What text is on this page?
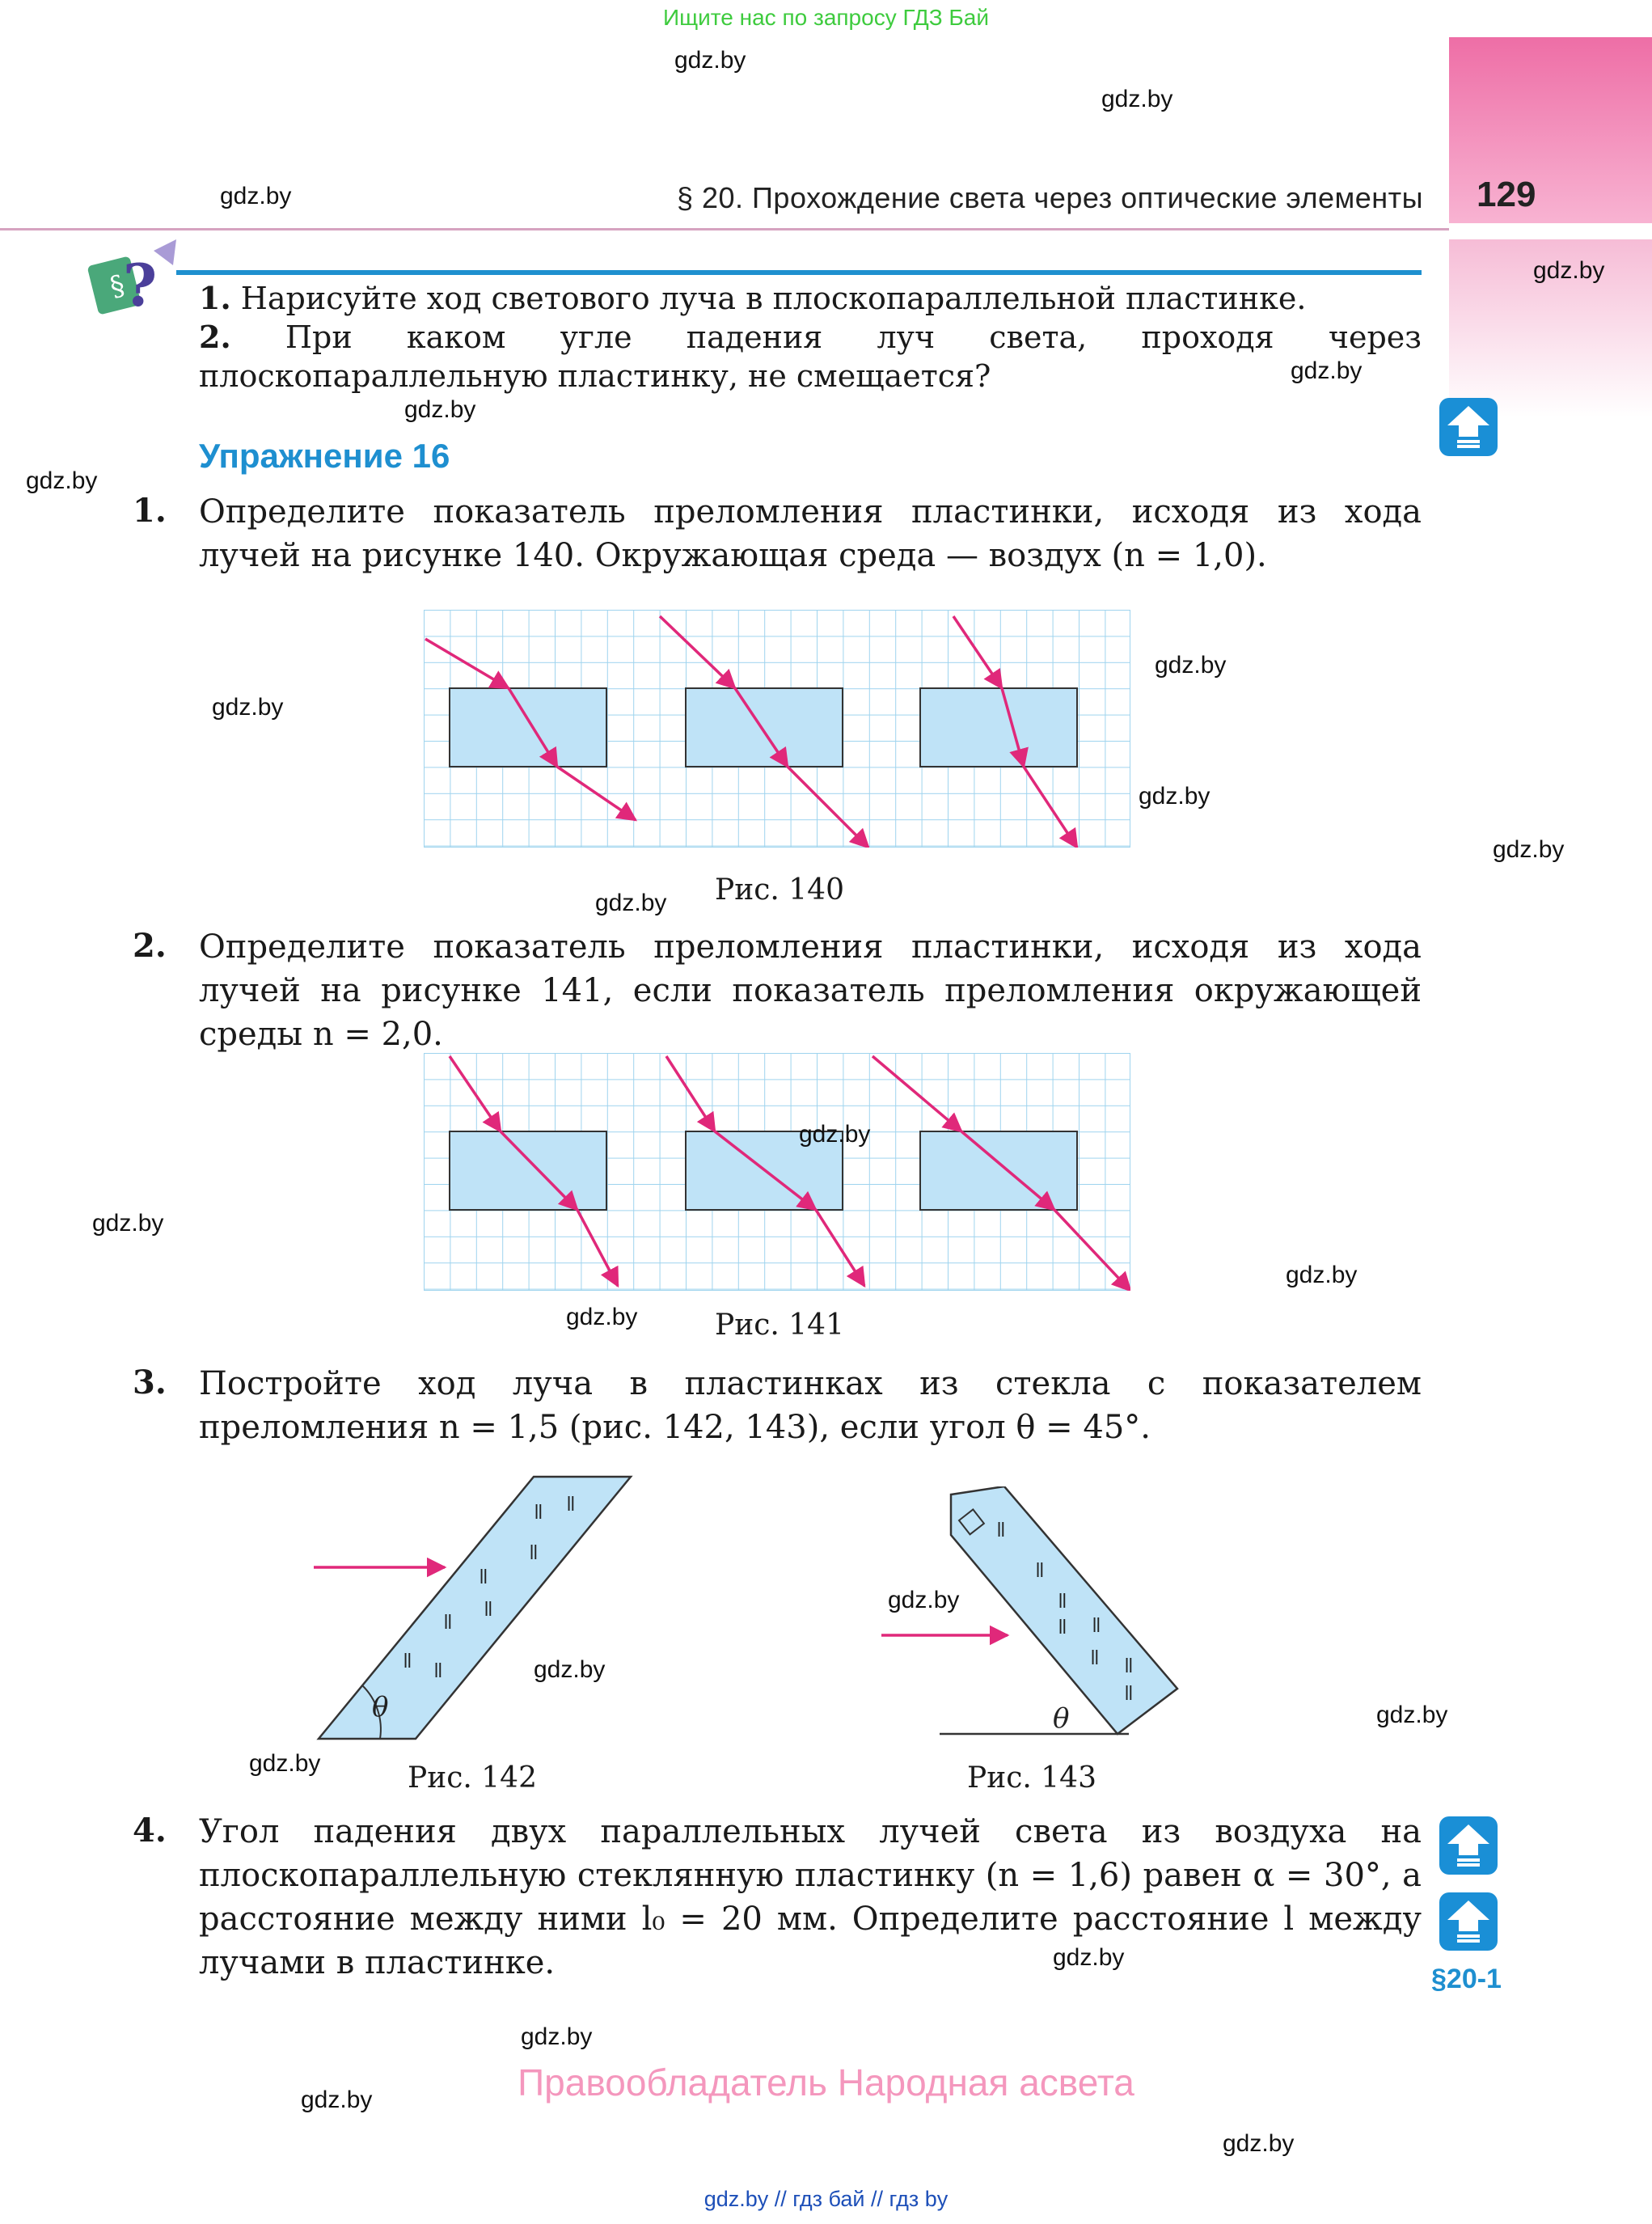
Ищите нас по запросу ГДЗ Бай
129
§ 20. Прохождение света через оптические элементы
§
? 1. Нарисуйте ход светового луча в плоскопараллельной пластинке.

2. При каком угле падения луч света, проходя через плоскопараллельную пластинку, не смещается?

Упражнение 16
1. Определите показатель преломления пластинки, исходя из хода лучей на рисунке 140. Окружающая среда — воздух (n = 1,0).
Рис. 140
2. Определите показатель преломления пластинки, исходя из хода лучей на рисунке 141, если показатель преломления окружающей среды n = 2,0.
Рис. 141
3. Постройте ход луча в пластинках из стекла с показателем преломления n = 1,5 (рис. 142, 143), если угол θ = 45°.
ǁ ǁ
ǁ
ǁ
ǁ
ǁ
ǁ ǁ
θ
Рис. 142
ǁ
ǁ
ǁ
ǁ ǁ
ǁ ǁ
ǁ
θ
Рис. 143
4. Угол падения двух параллельных лучей света из воздуха на плоскопараллельную стеклянную пластинку (n = 1,6) равен α = 30°, а расстояние между ними l₀ = 20 мм. Определите расстояние l между лучами в пластинке.	§20-1
gdz.by
gdz.by
gdz.by
gdz.by
gdz.by
gdz.by
gdz.by
gdz.by
gdz.by
gdz.by
gdz.by
gdz.by
gdz.by
gdz.by
gdz.by
gdz.by
gdz.by
gdz.by
gdz.by
gdz.by
gdz.by
gdz.by
gdz.by
gdz.by
Правообладатель Народная асвета
gdz.by // гдз бай // гдз by
